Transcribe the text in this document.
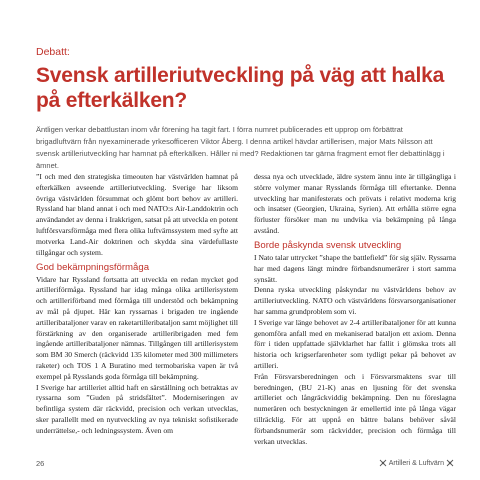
Debatt:
Svensk artilleriutveckling på väg att halka på efterkälken?

Äntligen verkar debattlustan inom vår förening ha tagit fart. I förra numret publicerades ett upprop om förbättrat brigadluftvärn från nyexaminerade yrkesofficeren Viktor Åberg. I denna artikel hävdar artillerisen, major Mats Nilsson att svensk artilleriutveckling har hamnat på efterkälken. Håller ni med? Redaktionen tar gärna fragment emot fler debattinlägg i ämnet.

”I och med den strategiska timeouten har västvärlden hamnat på efterkälken avseende artilleriutveckling. Sverige har liksom övriga västvärlden försummat och glömt bort behov av artilleri. Ryssland har bland annat i och med NATO:s Air-Landdoktrin och användandet av denna i Irakkrigen, satsat på att utveckla en potent luftförsvarsförmåga med flera olika luftvärnssystem med syfte att motverka Land-Air doktrinen och skydda sina värdefullaste tillgångar och system.

God bekämpningsförmåga

Vidare har Ryssland fortsatta att utveckla en redan mycket god artilleriförmåga. Ryssland har idag många olika artillerisystem och artilleriförband med förmåga till understöd och bekämpning av mål på djupet. Här kan ryssarnas i brigaden tre ingående artilleribataljoner varav en raketartilleribataljon samt möjlighet till förstärkning av den organiserade artilleribrigaden med fem ingående artilleribataljoner nämnas. Tillgången till artillerisystem som BM 30 Smerch (räckvidd 135 kilometer med 300 millimeters raketer) och TOS 1 A Buratino med termobariska vapen är två exempel på Rysslands goda förmåga till bekämpning.

I Sverige har artilleriet alltid haft en särställning och betraktas av ryssarna som ”Guden på stridsfältet”. Moderniseringen av befintliga system där räckvidd, precision och verkan utvecklas, sker parallellt med en nyutveckling av nya tekniskt sofistikerade underrättelse,- och ledningssystem. Även om

dessa nya och utvecklade, äldre system ännu inte är tillgängliga i större volymer manar Rysslands förmåga till eftertanke. Denna utveckling har manifesterats och prövats i relativt moderna krig och insatser (Georgien, Ukraina, Syrien). Att erhålla större egna förluster försöker man nu undvika via bekämpning på långa avstånd.

Borde påskynda svensk utveckling

I Nato talar uttrycket ”shape the battlefield” för sig själv. Ryssarna har med dagens längt mindre förbandsnumerärer i stort samma synsätt.

Denna ryska utveckling påskyndar nu västvärldens behov av artilleriutveckling. NATO och västvärldens försvarsorganisationer har samma grundproblem som vi.

I Sverige var länge behovet av 2-4 artilleribataljoner för att kunna genomföra anfall med en mekaniserad bataljon ett axiom. Denna förr i tiden uppfattade självklarhet har fallit i glömska trots all historia och krigserfarenheter som tydligt pekar på behovet av artilleri.

Från Försvarsberedningen och i Försvarsmaktens svar till beredningen, (BU 21-K) anas en ljusning för det svenska artilleriet och långräckviddig bekämpning. Den nu föreslagna numerären och bestyckningen är emellertid inte på långa vägar tillräcklig. För att uppnå en bättre balans behöver såväl förbandsnumerär som räckvidder, precision och förmåga till verkan utvecklas.

26	Artilleri & Luftvärn
